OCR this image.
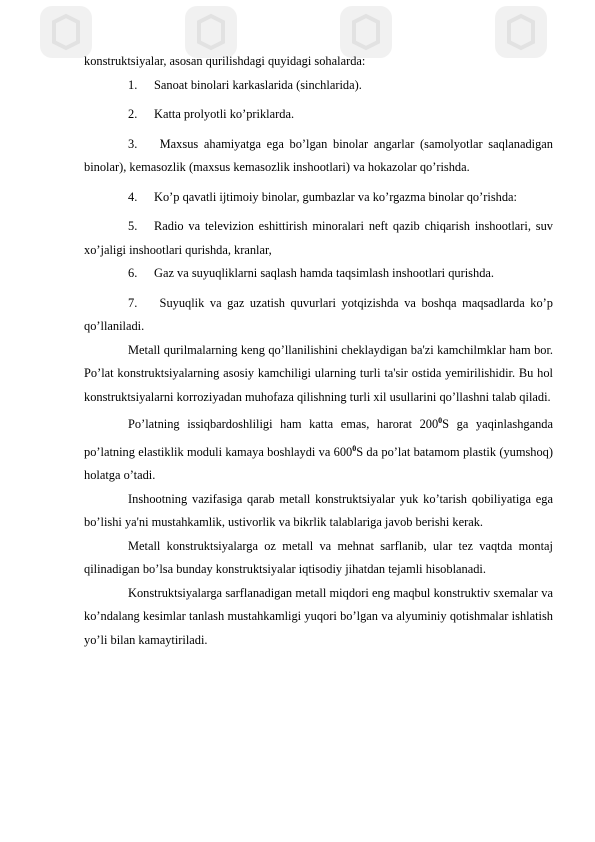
konstruktsiyalar, asosan qurilishdagi quyidagi sohalarda:

1.	Sanoat binolari karkaslarida (sinchlarida).
2.	Katta prolyotli ko’priklarda.

3. Maxsus ahamiyatga ega bo’lgan binolar angarlar (samolyotlar saqlanadigan binolar), kemasozlik (maxsus kemasozlik inshootlari) va hokazolar qo’rishda.

4. Ko’p qavatli ijtimoiy binolar, gumbazlar va ko’rgazma binolar qo’rishda:

5. Radio va televizion eshittirish minoralari neft qazib chiqarish inshootlari, suv xo’jaligi inshootlari qurishda, kranlar,

6. Gaz va suyuqliklarni saqlash hamda taqsimlash inshootlari qurishda.

7. Suyuqlik va gaz uzatish quvurlari yotqizishda va boshqa maqsadlarda ko’p qo’llaniladi.

Metall qurilmalarning keng qo’llanilishini cheklaydigan ba'zi kamchilmklar ham bor. Po’lat konstruktsiyalarning asosiy kamchiligi ularning turli ta'sir ostida yemirilishidir. Bu hol konstruktsiyalarni korroziyadan muhofaza qilishning turli xil usullarini qo’llashni talab qiladi.

Po’latning issiqbardoshliligi ham katta emas, harorat $200^0S$ ga yaqinlashganda po’latning elastiklik moduli kamaya boshlaydi va $600^0S$ da po’lat batamom plastik (yumshoq) holatga o’tadi.

Inshootning vazifasiga qarab metall konstruktsiyalar yuk ko’tarish qobiliyatiga ega bo’lishi ya'ni mustahkamlik, ustivorlik va bikrlik talablariga javob berishi kerak.

Metall konstruktsiyalarga oz metall va mehnat sarflanib, ular tez vaqtda montaj qilinadigan bo’lsa bunday konstruktsiyalar iqtisodiy jihatdan tejamli hisoblanadi.

Konstruktsiyalarga sarflanadigan metall miqdori eng maqbul konstruktiv sxemalar va ko’ndalang kesimlar tanlash mustahkamligi yuqori bo’lgan va alyuminiy qotishmalar ishlatish yo’li bilan kamaytiriladi.
